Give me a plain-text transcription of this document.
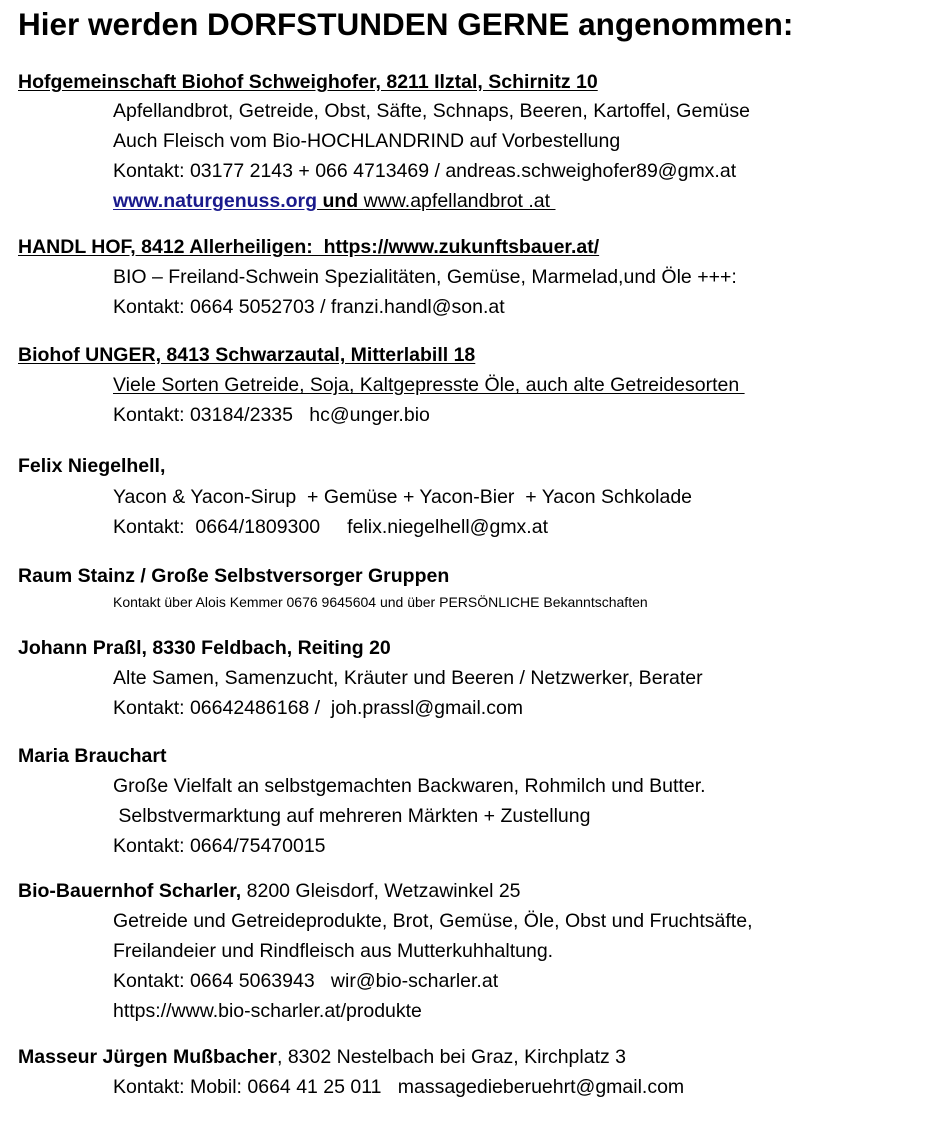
Hier werden DORFSTUNDEN GERNE angenommen:
Hofgemeinschaft Biohof Schweighofer, 8211 Ilztal, Schirnitz 10
Apfellandbrot, Getreide, Obst, Säfte, Schnaps, Beeren, Kartoffel, Gemüse
Auch Fleisch vom Bio-HOCHLANDRIND auf Vorbestellung
Kontakt: 03177 2143 + 066 4713469 / andreas.schweighofer89@gmx.at
www.naturgenuss.org und www.apfellandbrot .at
HANDL HOF, 8412 Allerheiligen:  https://www.zukunftsbauer.at/
BIO – Freiland-Schwein Spezialitäten, Gemüse, Marmelad,und Öle +++:
Kontakt: 0664 5052703 / franzi.handl@son.at
Biohof UNGER, 8413 Schwarzautal, Mitterlabill 18
Viele Sorten Getreide, Soja, Kaltgepresste Öle, auch alte Getreidesorten
Kontakt: 03184/2335   hc@unger.bio
Felix Niegelhell,
Yacon & Yacon-Sirup  + Gemüse + Yacon-Bier  + Yacon Schkolade
Kontakt:  0664/1809300     felix.niegelhell@gmx.at
Raum Stainz / Große Selbstversorger Gruppen
Kontakt über Alois Kemmer 0676 9645604 und über PERSÖNLICHE Bekanntschaften
Johann Praßl, 8330 Feldbach, Reiting 20
Alte Samen, Samenzucht, Kräuter und Beeren / Netzwerker, Berater
Kontakt: 06642486168 /  joh.prassl@gmail.com
Maria Brauchart
Große Vielfalt an selbstgemachten Backwaren, Rohmilch und Butter.
Selbstvermarktung auf mehreren Märkten + Zustellung
Kontakt: 0664/75470015
Bio-Bauernhof Scharler, 8200 Gleisdorf, Wetzawinkel 25
Getreide und Getreideprodukte, Brot, Gemüse, Öle, Obst und Fruchtsäfte,
Freilandeier und Rindfleisch aus Mutterkuhhaltung.
Kontakt: 0664 5063943   wir@bio-scharler.at
https://www.bio-scharler.at/produkte
Masseur Jürgen Mußbacher, 8302 Nestelbach bei Graz, Kirchplatz 3
Kontakt: Mobil: 0664 41 25 011   massagedieberuehrt@gmail.com
